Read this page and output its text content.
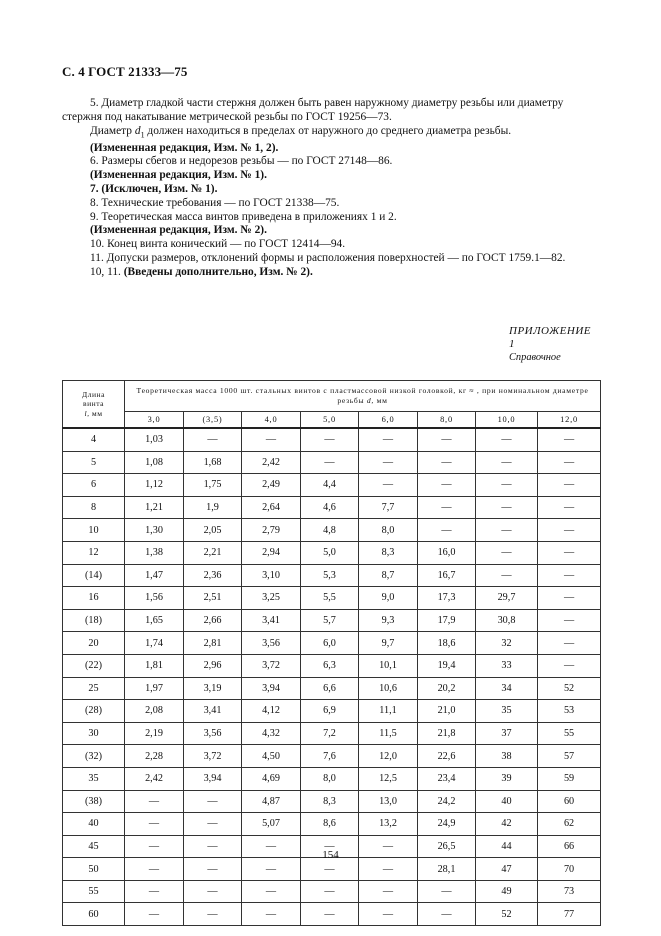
С. 4 ГОСТ 21333—75

5. Диаметр гладкой части стержня должен быть равен наружному диаметру резьбы или диаметру стержня под накатывание метрической резьбы по ГОСТ 19256—73.

Диаметр $d_1$ должен находиться в пределах от наружного до среднего диаметра резьбы.

(Измененная редакция, Изм. № 1, 2).

6. Размеры сбегов и недорезов резьбы — по ГОСТ 27148—86.

(Измененная редакция, Изм. № 1).

7. (Исключен, Изм. № 1).

8. Технические требования — по ГОСТ 21338—75.

9. Теоретическая масса винтов приведена в приложениях 1 и 2.

(Измененная редакция, Изм. № 2).

10. Конец винта конический — по ГОСТ 12414—94.

11. Допуски размеров, отклонений формы и расположения поверхностей — по ГОСТ 1759.1—82.

10, 11. (Введены дополнительно, Изм. № 2).

ПРИЛОЖЕНИЕ 1
Справочное
Длина
винта
l, мм	Теоретическая масса 1000 шт. стальных винтов с пластмассовой низкой головкой, кг ≈ , при номинальном диаметре резьбы d, мм							
	3,0	(3,5)	4,0	5,0	6,0	8,0	10,0	12,0
4	1,03	—	—	—	—	—	—	—
5	1,08	1,68	2,42	—	—	—	—	—
6	1,12	1,75	2,49	4,4	—	—	—	—
8	1,21	1,9	2,64	4,6	7,7	—	—	—
10	1,30	2,05	2,79	4,8	8,0	—	—	—
12	1,38	2,21	2,94	5,0	8,3	16,0	—	—
(14)	1,47	2,36	3,10	5,3	8,7	16,7	—	—
16	1,56	2,51	3,25	5,5	9,0	17,3	29,7	—
(18)	1,65	2,66	3,41	5,7	9,3	17,9	30,8	—
20	1,74	2,81	3,56	6,0	9,7	18,6	32	—
(22)	1,81	2,96	3,72	6,3	10,1	19,4	33	—
25	1,97	3,19	3,94	6,6	10,6	20,2	34	52
(28)	2,08	3,41	4,12	6,9	11,1	21,0	35	53
30	2,19	3,56	4,32	7,2	11,5	21,8	37	55
(32)	2,28	3,72	4,50	7,6	12,0	22,6	38	57
35	2,42	3,94	4,69	8,0	12,5	23,4	39	59
(38)	—	—	4,87	8,3	13,0	24,2	40	60
40	—	—	5,07	8,6	13,2	24,9	42	62
45	—	—	—	—	—	26,5	44	66
50	—	—	—	—	—	28,1	47	70
55	—	—	—	—	—	—	49	73
60	—	—	—	—	—	—	52	77
154
